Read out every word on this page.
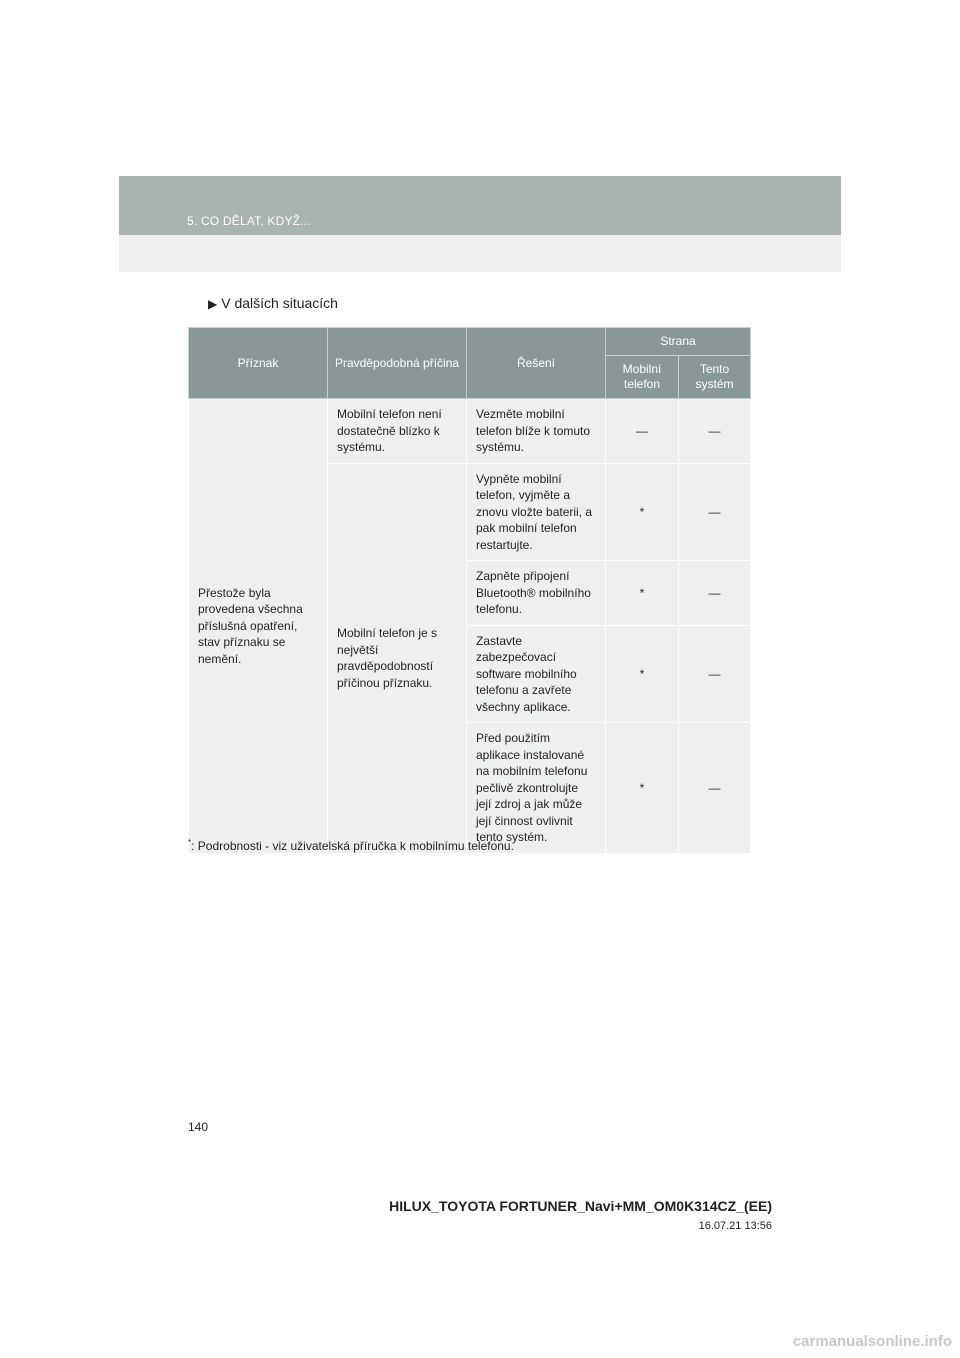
5. CO DĚLAT, KDYŽ...
▶ V dalších situacích
Příznak	Pravděpodobná příčina	Řešení	Strana	
			Mobilní telefon	Tento systém
Přestože byla provedena všechna příslušná opatření, stav příznaku se nemění.	Mobilní telefon není dostatečně blízko k systému.	Vezměte mobilní telefon blíže k tomuto systému.	—	—
	Mobilní telefon je s největší pravděpodobností příčinou příznaku.	Vypněte mobilní telefon, vyjměte a znovu vložte baterii, a pak mobilní telefon restartujte.	*	—
		Zapněte připojení Bluetooth® mobilního telefonu.	*	—
		Zastavte zabezpečovací software mobilního telefonu a zavřete všechny aplikace.	*	—
		Před použitím aplikace instalované na mobilním telefonu pečlivě zkontrolujte její zdroj a jak může její činnost ovlivnit tento systém.	*	—
*: Podrobnosti - viz uživatelská příručka k mobilnímu telefonu.
140
HILUX_TOYOTA FORTUNER_Navi+MM_OM0K314CZ_(EE)
16.07.21 13:56
carmanualsonline.info
